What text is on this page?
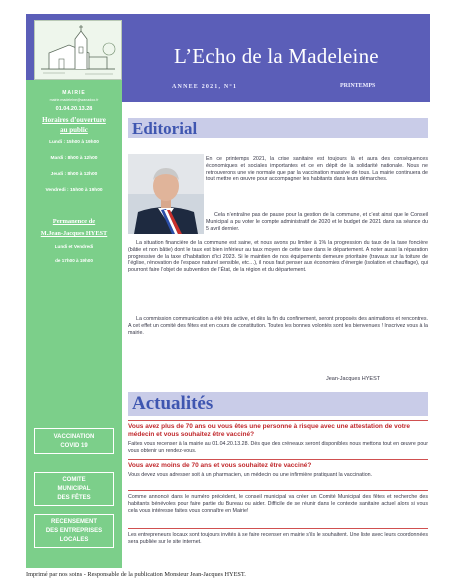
L’Echo de la Madeleine
ANNEE 2021, N°1	PRINTEMPS
MAIRIE
mairie.madeleine@wanadoo.fr
01.04.20.13.28
Horaires d’ouverture
au public
Lundi : 15h00 à 19h00
Mardi : 8h00 à 12h00
Jeudi : 8h00 à 12h00
Vendredi : 15h00 à 19h00
Permanence de
M.Jean-Jacques HYEST
Lundi et Vendredi
de 17h00 à 19h00
VACCINATION
COVID 19
COMITE
MUNICIPAL
DES FÊTES
RECENSEMENT
DES ENTREPRISES
LOCALES
Editorial
En ce printemps 2021, la crise sanitaire est toujours là et aura des conséquences économiques et sociales importantes et ce en dépit de la solidarité nationale. Nous ne retrouverons une vie normale que par la vaccination massive de tous. La mairie continuera de tout mettre en œuvre pour accompagner les habitants dans leurs démarches.
Cela n’entraîne pas de pause pour la gestion de la commune, et c’est ainsi que le Conseil Municipal a pu voter le compte administratif de 2020 et le budget de 2021 dans sa séance du 5 avril dernier.
La situation financière de la commune est saine, et nous avons pu limiter à 1% la progression du taux de la taxe foncière (bâtie et non bâtie) dont le taux est bien inférieur au taux moyen de cette taxe dans le département. A noter aussi la réparation progressive de la taxe d’habitation d’ici 2023. Si le maintien de nos équipements demeure prioritaire (travaux sur la toiture de l’église, rénovation de l’espace naturel sensible, etc…), il nous faut penser aux économies d’énergie (isolation et chauffage), qui pourront faire l’objet de subvention de l’État, de la région et du département.
La commission communication a été très active, et dès la fin du confinement, seront proposés des animations et rencontres. A cet effet un comité des fêtes est en cours de constitution. Toutes les bonnes volontés sont les bienvenues ! Inscrivez vous à la mairie.
Jean-Jacques HYEST
Actualités
Vous avez plus de 70 ans ou vous êtes une personne à risque avec une attestation de votre médecin et vous souhaitez être vacciné?
Faites vous recenser à la mairie au 01.04.20.13.28. Dès que des créneaux seront disponibles nous mettons tout en œuvre pour vous obtenir un rendez-vous.
Vous avez moins de 70 ans et vous souhaitez être vacciné?
Vous devez vous adresser soit à un pharmacien, un médecin ou une infirmière pratiquant la vaccination.
Comme annoncé dans le numéro précédent, le conseil municipal va créer un Comité Municipal des fêtes et recherche des habitants bénévoles pour faire partie du Bureau ou aider. Difficile de se réunir dans le contexte sanitaire actuel alors si vous cela vous intéresse faites vous connaître en Mairie!
Les entrepreneurs locaux sont toujours invités à se faire recenser en mairie s’ils le souhaitent. Une liste avec leurs coordonnées sera publiée sur le site internet.
Imprimé par nos soins - Responsable de la publication Monsieur Jean-Jacques HYEST.
